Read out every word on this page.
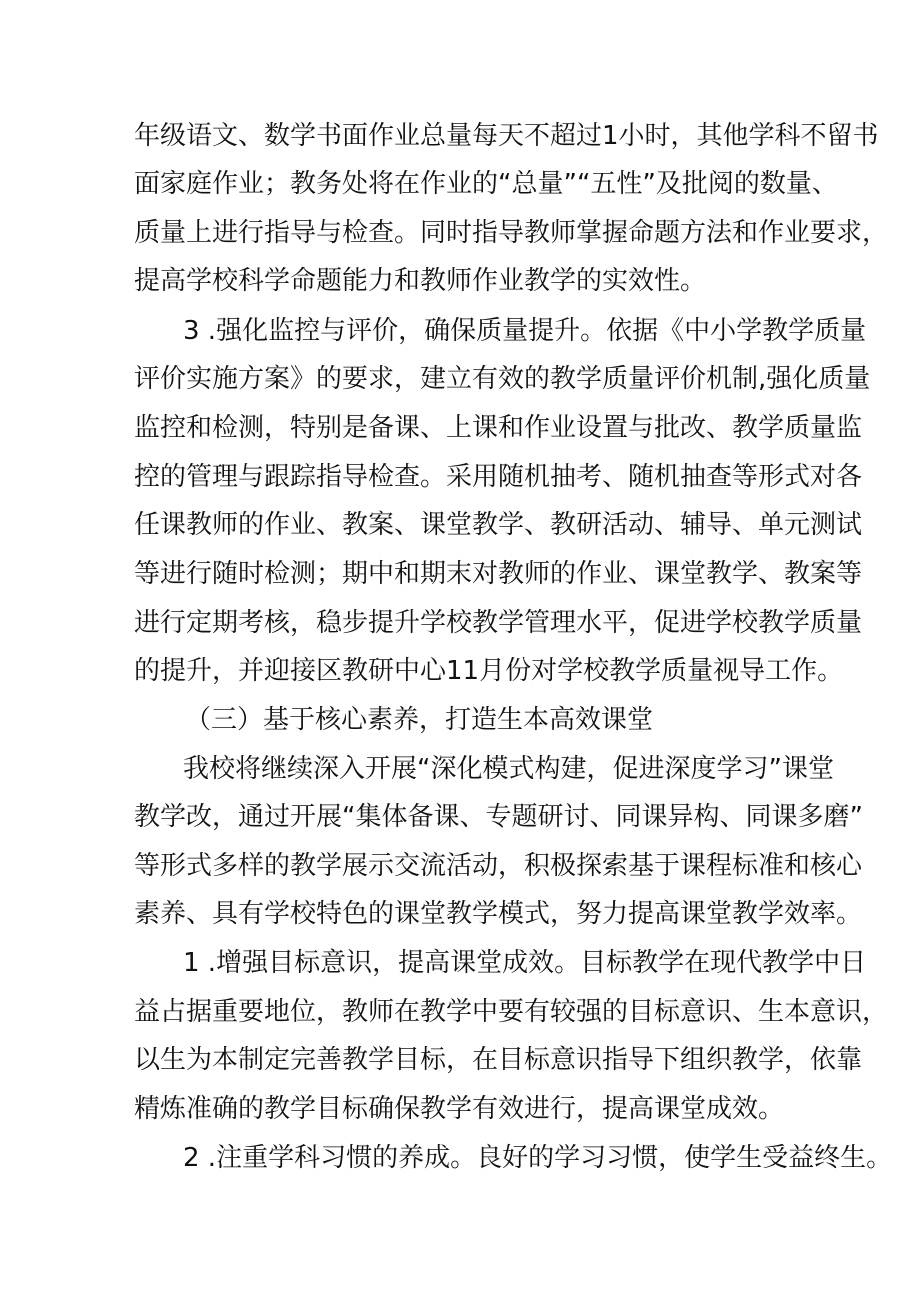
年级语文、数学书面作业总量每天不超过1小时，其他学科不留书
面家庭作业；教务处将在作业的“总量”“五性”及批阅的数量、
质量上进行指导与检查。同时指导教师掌握命题方法和作业要求，
提高学校科学命题能力和教师作业教学的实效性。
3 .强化监控与评价，确保质量提升。依据《中小学教学质量
评价实施方案》的要求，建立有效的教学质量评价机制,强化质量
监控和检测，特别是备课、上课和作业设置与批改、教学质量监
控的管理与跟踪指导检查。采用随机抽考、随机抽查等形式对各
任课教师的作业、教案、课堂教学、教研活动、辅导、单元测试
等进行随时检测；期中和期末对教师的作业、课堂教学、教案等
进行定期考核，稳步提升学校教学管理水平，促进学校教学质量
的提升，并迎接区教研中心11月份对学校教学质量视导工作。
（三）基于核心素养，打造生本高效课堂
我校将继续深入开展“深化模式构建，促进深度学习”课堂
教学改，通过开展“集体备课、专题研讨、同课异构、同课多磨”
等形式多样的教学展示交流活动，积极探索基于课程标准和核心
素养、具有学校特色的课堂教学模式，努力提高课堂教学效率。
1 .增强目标意识，提高课堂成效。目标教学在现代教学中日
益占据重要地位，教师在教学中要有较强的目标意识、生本意识，
以生为本制定完善教学目标，在目标意识指导下组织教学，依靠
精炼准确的教学目标确保教学有效进行，提高课堂成效。
2 .注重学科习惯的养成。良好的学习习惯，使学生受益终生。
